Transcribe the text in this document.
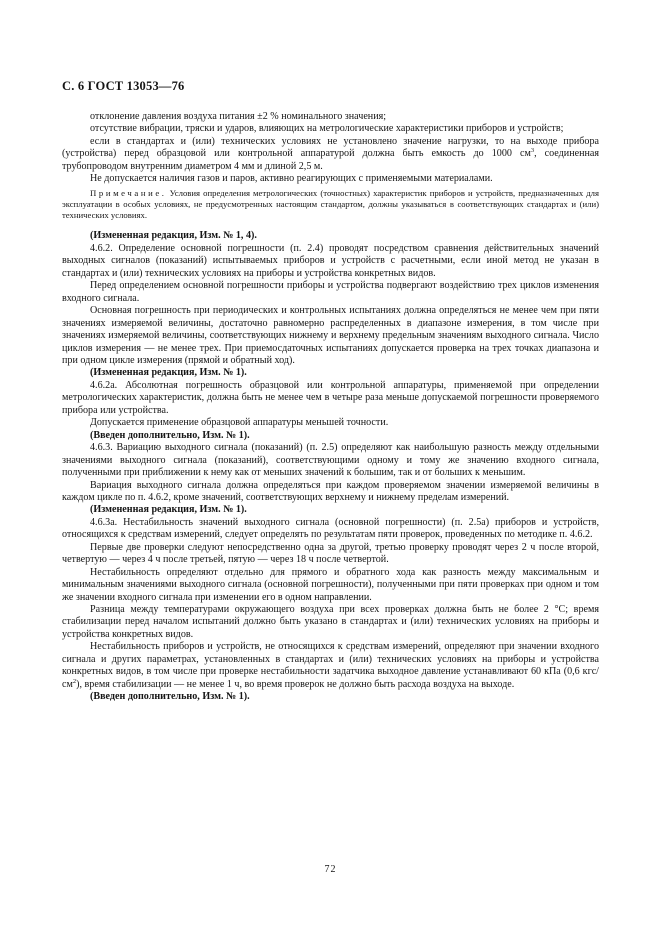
С. 6 ГОСТ 13053—76

отклонение давления воздуха питания ±2 % номинального значения;

отсутствие вибрации, тряски и ударов, влияющих на метрологические характеристики приборов и устройств;

если в стандартах и (или) технических условиях не установлено значение нагрузки, то на выходе прибора (устройства) перед образцовой или контрольной аппаратурой должна быть емкость до 1000 $см^3$, соединенная трубопроводом внутренним диаметром 4 мм и длиной 2,5 м.

Не допускается наличия газов и паров, активно реагирующих с применяемыми материалами.

Примечание. Условия определения метрологических (точностных) характеристик приборов и устройств, предназначенных для эксплуатации в особых условиях, не предусмотренных настоящим стандартом, должны указываться в соответствующих стандартах и (или) технических условиях.

(Измененная редакция, Изм. № 1, 4).

4.6.2. Определение основной погрешности (п. 2.4) проводят посредством сравнения действительных значений выходных сигналов (показаний) испытываемых приборов и устройств с расчетными, если иной метод не указан в стандартах и (или) технических условиях на приборы и устройства конкретных видов.

Перед определением основной погрешности приборы и устройства подвергают воздействию трех циклов изменения входного сигнала.

Основная погрешность при периодических и контрольных испытаниях должна определяться не менее чем при пяти значениях измеряемой величины, достаточно равномерно распределенных в диапазоне измерения, в том числе при значениях измеряемой величины, соответствующих нижнему и верхнему предельным значениям выходного сигнала. Число циклов измерения — не менее трех. При приемосдаточных испытаниях допускается проверка на трех точках диапазона и при одном цикле измерения (прямой и обратный ход).

(Измененная редакция, Изм. № 1).

4.6.2а. Абсолютная погрешность образцовой или контрольной аппаратуры, применяемой при определении метрологических характеристик, должна быть не менее чем в четыре раза меньше допускаемой погрешности проверяемого прибора или устройства.

Допускается применение образцовой аппаратуры меньшей точности.

(Введен дополнительно, Изм. № 1).

4.6.3. Вариацию выходного сигнала (показаний) (п. 2.5) определяют как наибольшую разность между отдельными значениями выходного сигнала (показаний), соответствующими одному и тому же значению входного сигнала, полученными при приближении к нему как от меньших значений к большим, так и от больших к меньшим.

Вариация выходного сигнала должна определяться при каждом проверяемом значении измеряемой величины в каждом цикле по п. 4.6.2, кроме значений, соответствующих верхнему и нижнему пределам измерений.

(Измененная редакция, Изм. № 1).

4.6.3а. Нестабильность значений выходного сигнала (основной погрешности) (п. 2.5а) приборов и устройств, относящихся к средствам измерений, следует определять по результатам пяти проверок, проведенных по методике п. 4.6.2.

Первые две проверки следуют непосредственно одна за другой, третью проверку проводят через 2 ч после второй, четвертую — через 4 ч после третьей, пятую — через 18 ч после четвертой.

Нестабильность определяют отдельно для прямого и обратного хода как разность между максимальным и минимальным значениями выходного сигнала (основной погрешности), полученными при пяти проверках при одном и том же значении входного сигнала при изменении его в одном направлении.

Разница между температурами окружающего воздуха при всех проверках должна быть не более 2 °С; время стабилизации перед началом испытаний должно быть указано в стандартах и (или) технических условиях на приборы и устройства конкретных видов.

Нестабильность приборов и устройств, не относящихся к средствам измерений, определяют при значении входного сигнала и других параметрах, установленных в стандартах и (или) технических условиях на приборы и устройства конкретных видов, в том числе при проверке нестабильности задатчика выходное давление устанавливают 60 кПа (0,6 кгс/$см^2$), время стабилизации — не менее 1 ч, во время проверок не должно быть расхода воздуха на выходе.

(Введен дополнительно, Изм. № 1).

72
